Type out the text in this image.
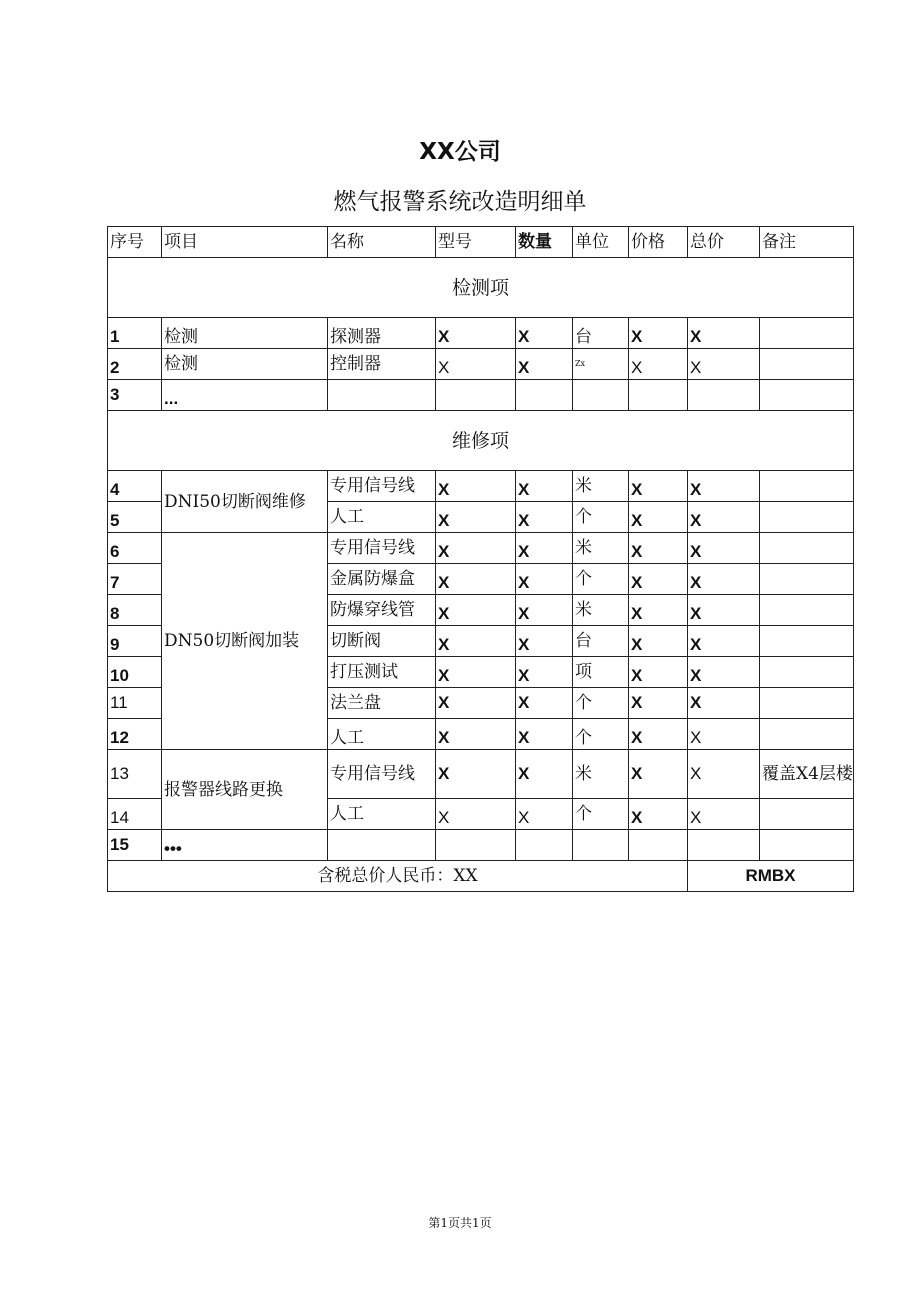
XX公司
燃气报警系统改造明细单
序号	项目	名称	型号	数量	单位	价格	总价	备注
检测项								
1	检测	探测器	X	X	台	X	X	
2	检测	控制器	X	X	$^{Zx}$	X	X	
3	...							
维修项								
4	DNI50切断阀维修	专用信号线	X	X	米	X	X	
5		人工	X	X	个	X	X	
6	DN50切断阀加装	专用信号线	X	X	米	X	X	
7		金属防爆盒	X	X	个	X	X	
8		防爆穿线管	X	X	米	X	X	
9		切断阀	X	X	台	X	X	
10		打压测试	X	X	项	X	X	
11		法兰盘	X	X	个	X	X	
12		人工	X	X	个	X	X	
13	报警器线路更换	专用信号线	X	X	米	X	X	覆盖X4层楼
14		人工	X	X	个	X	X	
15	•••							
含税总价人民币：XX							RMBX	
第1页共1页
